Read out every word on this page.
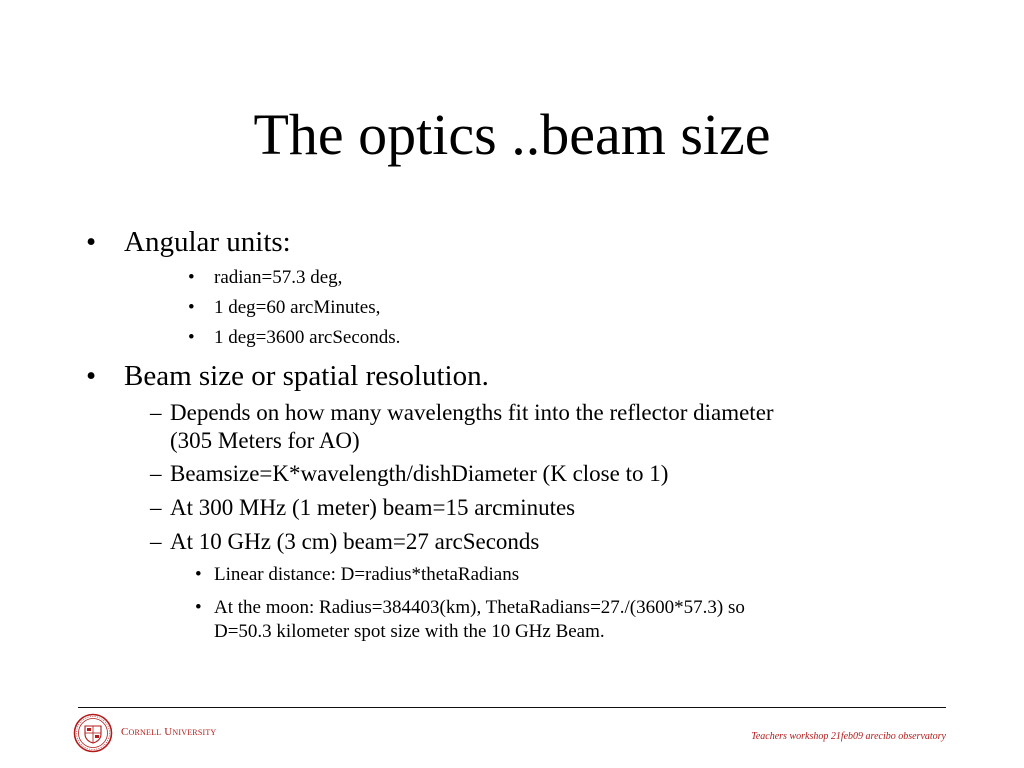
The optics ..beam size
• Angular units:
• radian=57.3 deg,
• 1 deg=60 arcMinutes,
• 1 deg=3600 arcSeconds.
• Beam size or spatial resolution.
– Depends on how many wavelengths fit into the reflector diameter
(305 Meters for AO)
– Beamsize=K*wavelength/dishDiameter (K close to 1)
– At 300 MHz (1 meter) beam=15 arcminutes
– At 10 GHz (3 cm) beam=27 arcSeconds
• Linear distance: D=radius*thetaRadians
• At the moon: Radius=384403(km), ThetaRadians=27./(3600*57.3) so
D=50.3 kilometer spot size with the 10 GHz Beam.
Cornell University	Teachers workshop 21feb09 arecibo observatory
